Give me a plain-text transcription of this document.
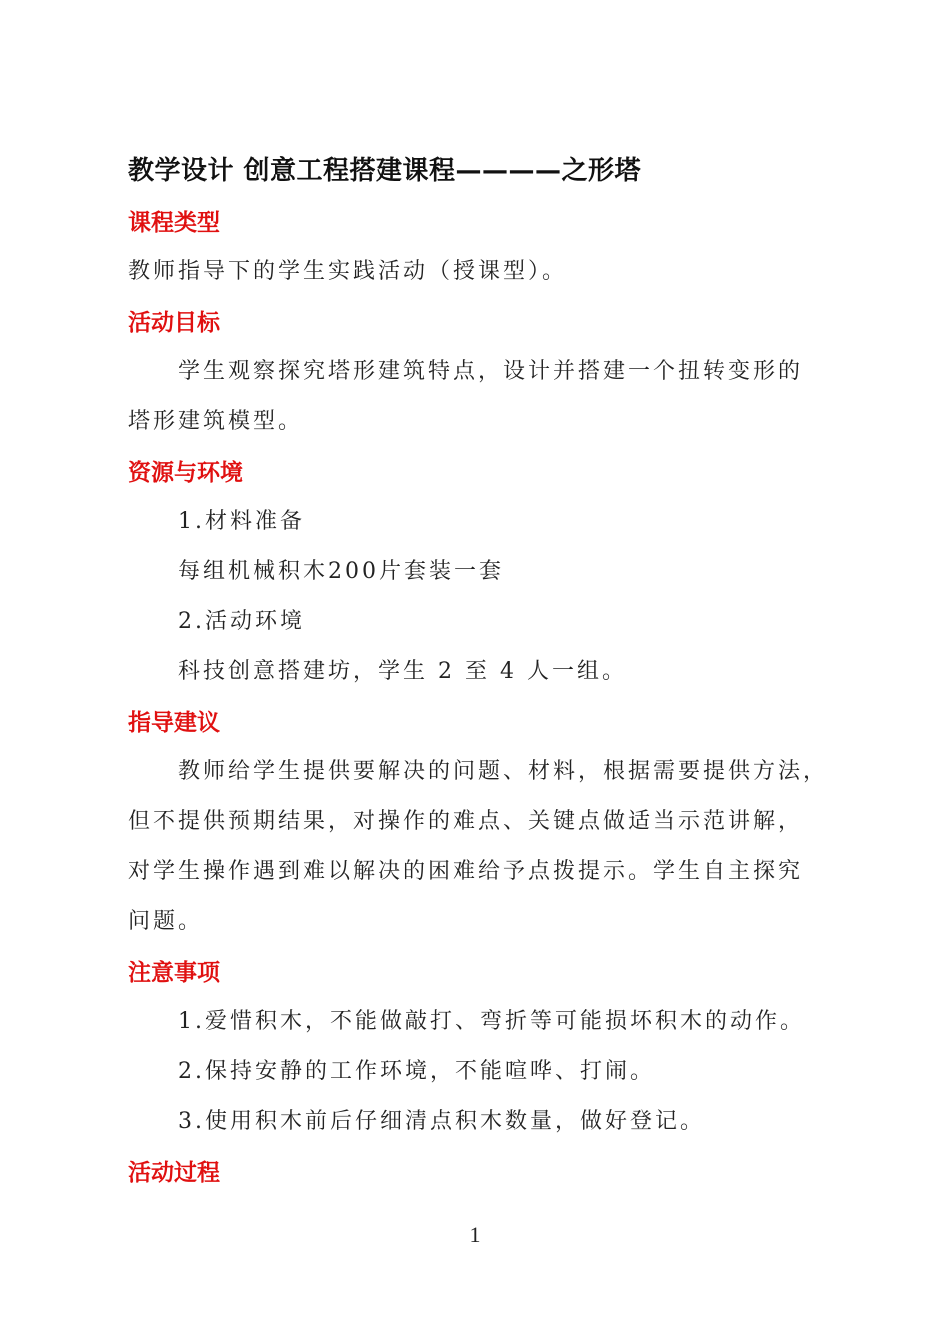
教学设计 创意工程搭建课程————之形塔
课程类型
教师指导下的学生实践活动（授课型）。
活动目标
学生观察探究塔形建筑特点，设计并搭建一个扭转变形的
塔形建筑模型。
资源与环境
1.材料准备
每组机械积木200片套装一套
2.活动环境
科技创意搭建坊，学生 2 至 4 人一组。
指导建议
教师给学生提供要解决的问题、材料，根据需要提供方法，
但不提供预期结果，对操作的难点、关键点做适当示范讲解，
对学生操作遇到难以解决的困难给予点拨提示。学生自主探究
问题。
注意事项
1.爱惜积木，不能做敲打、弯折等可能损坏积木的动作。
2.保持安静的工作环境，不能喧哗、打闹。
3.使用积木前后仔细清点积木数量，做好登记。
活动过程
1
